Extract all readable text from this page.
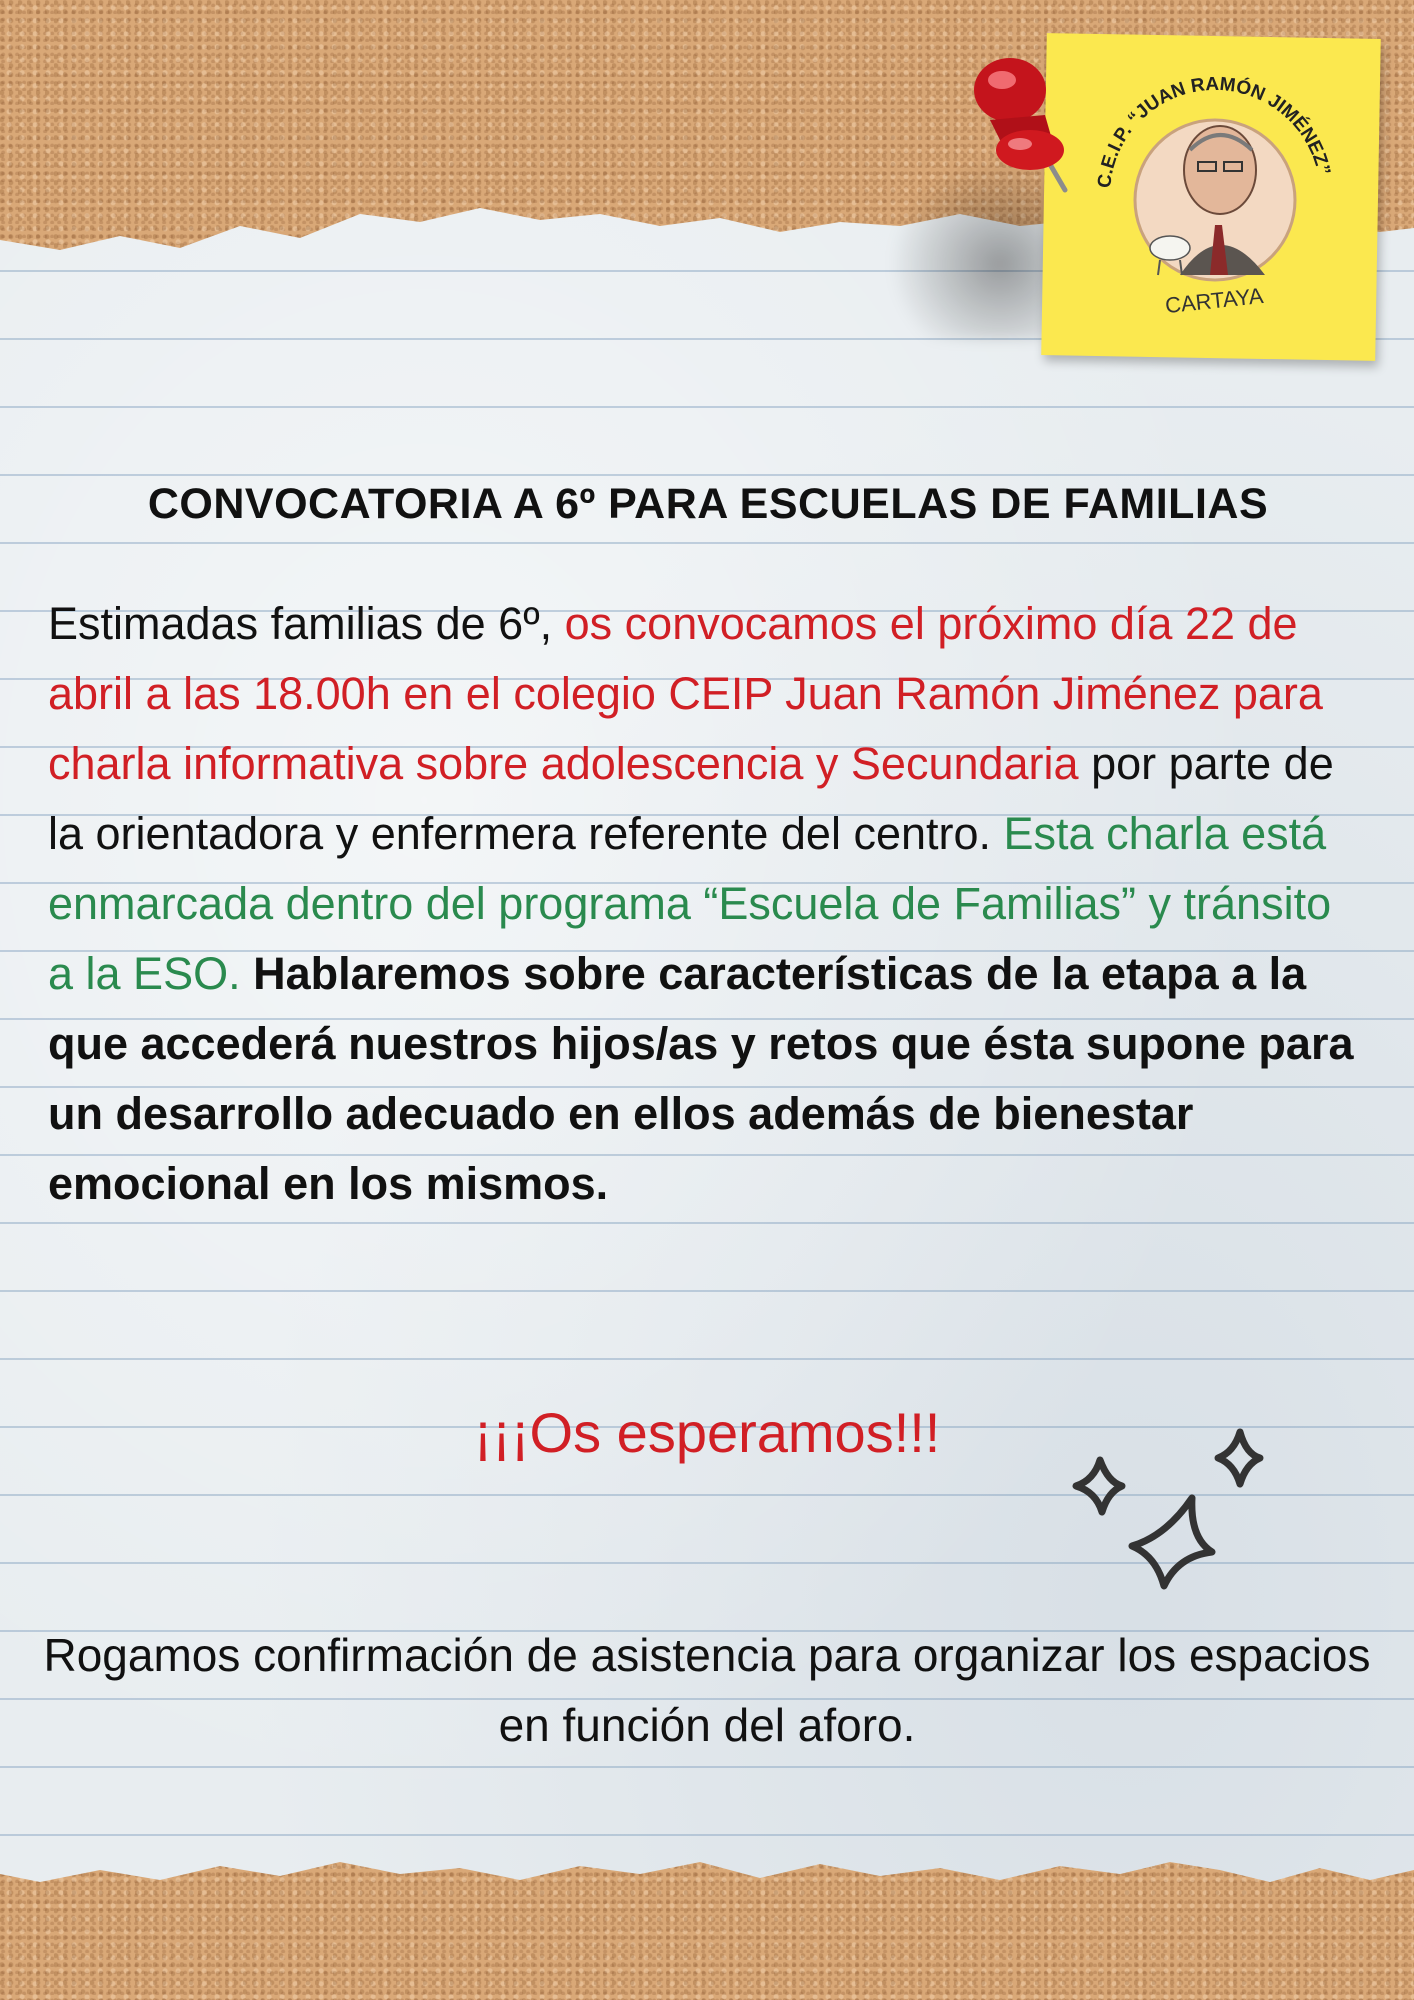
C.E.I.P. “JUAN RAMÓN JIMÉNEZ”
CARTAYA
CONVOCATORIA A 6º PARA ESCUELAS DE FAMILIAS

Estimadas familias de 6º, os convocamos el próximo día 22 de abril a las 18.00h en el colegio CEIP Juan Ramón Jiménez para charla informativa sobre adolescencia y Secundaria por parte de la orientadora y enfermera referente del centro. Esta charla está enmarcada dentro del programa “Escuela de Familias” y tránsito a la ESO. Hablaremos sobre características de la etapa a la que accederá nuestros hijos/as y retos que ésta supone para un desarrollo adecuado en ellos además de bienestar emocional en los mismos.

¡¡¡Os esperamos!!!
Rogamos confirmación de asistencia para organizar los espacios en función del aforo.
